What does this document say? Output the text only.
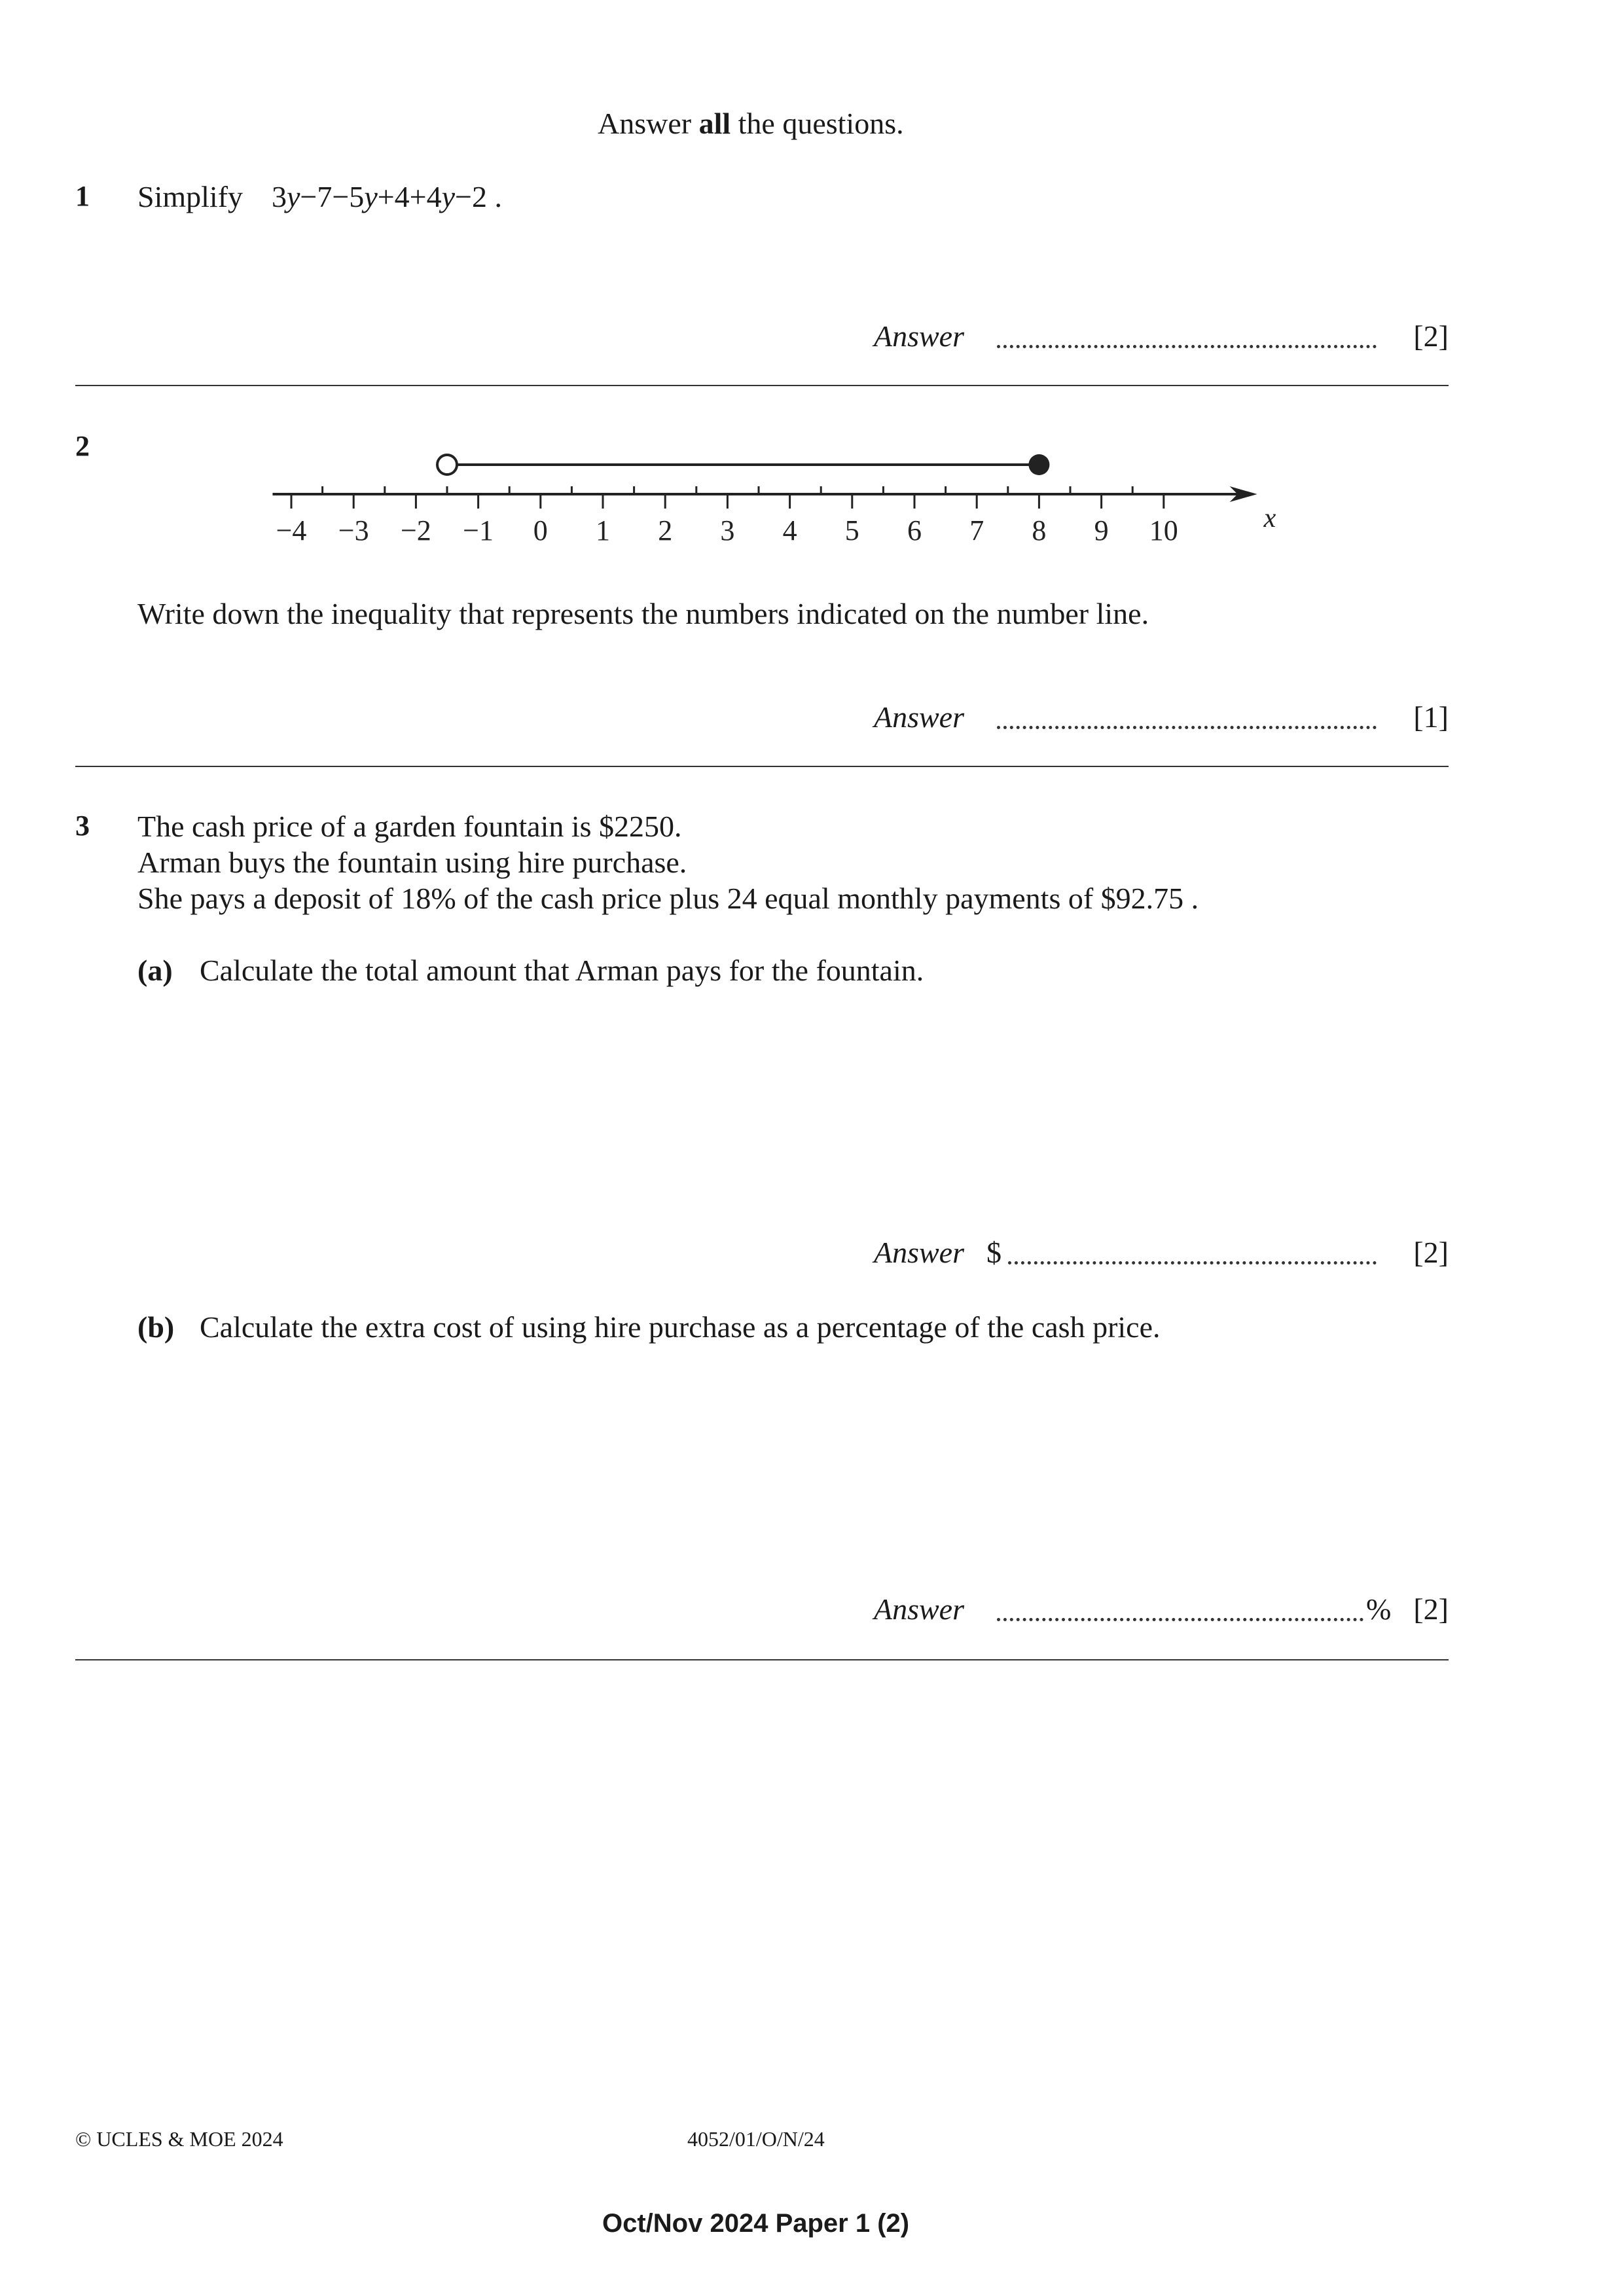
Answer all the questions.
1 Simplify 3y−7−5y+4+4y−2 .
Answer	[2]
2
−4 −3 −2 −1 0 1 2 3 4 5 6 7 8 9 10	x
Write down the inequality that represents the numbers indicated on the number line.
Answer	[1]
3 The cash price of a garden fountain is $2250.
Arman buys the fountain using hire purchase.
She pays a deposit of 18% of the cash price plus 24 equal monthly payments of $92.75 .
(a) Calculate the total amount that Arman pays for the fountain.
Answer $	[2]
(b) Calculate the extra cost of using hire purchase as a percentage of the cash price.
Answer	% [2]
© UCLES & MOE 2024	4052/01/O/N/24
Oct/Nov 2024 Paper 1 (2)
